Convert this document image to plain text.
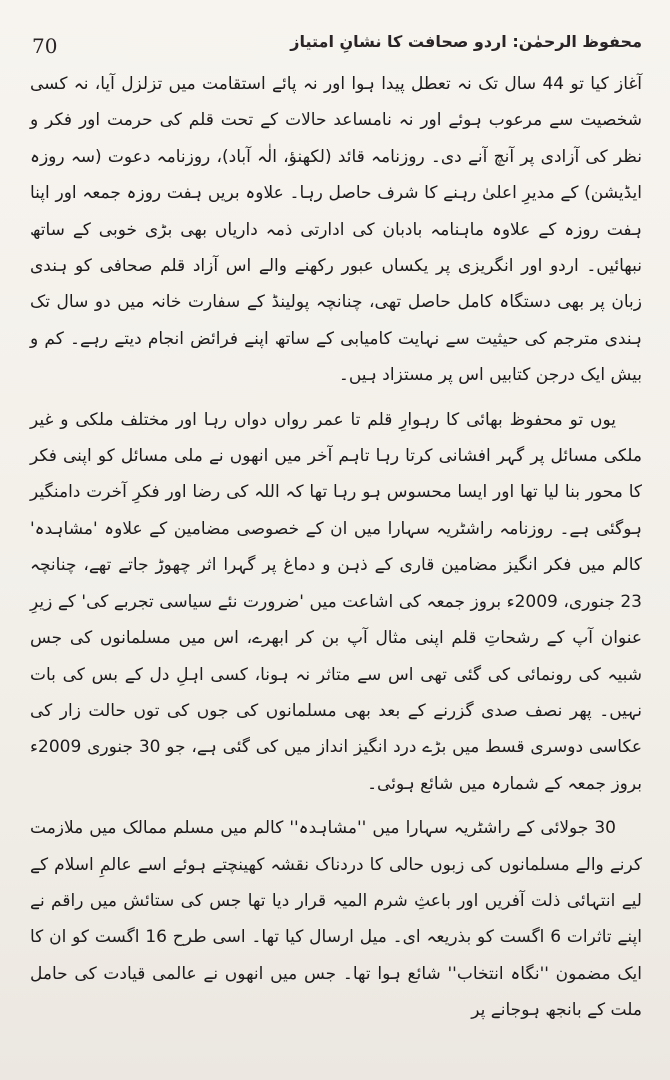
70	محفوظ الرحمٰن: اردو صحافت کا نشانِ امتیاز

آغاز کیا تو 44 سال تک نہ تعطل پیدا ہوا اور نہ پائے استقامت میں تزلزل آیا، نہ کسی شخصیت سے مرعوب ہوئے اور نہ نامساعد حالات کے تحت قلم کی حرمت اور فکر و نظر کی آزادی پر آنچ آنے دی۔ روزنامہ قائد (لکھنؤ، الٰہ آباد)، روزنامہ دعوت (سہ روزہ ایڈیشن) کے مدیرِ اعلیٰ رہنے کا شرف حاصل رہا۔ علاوہ بریں ہفت روزہ جمعہ اور اپنا ہفت روزہ کے علاوہ ماہنامہ بادبان کی ادارتی ذمہ داریاں بھی بڑی خوبی کے ساتھ نبھائیں۔ اردو اور انگریزی پر یکساں عبور رکھنے والے اس آزاد قلم صحافی کو ہندی زبان پر بھی دستگاہ کامل حاصل تھی، چنانچہ پولینڈ کے سفارت خانہ میں دو سال تک ہندی مترجم کی حیثیت سے نہایت کامیابی کے ساتھ اپنے فرائض انجام دیتے رہے۔ کم و بیش ایک درجن کتابیں اس پر مستزاد ہیں۔

یوں تو محفوظ بھائی کا رہوارِ قلم تا عمر رواں دواں رہا اور مختلف ملکی و غیر ملکی مسائل پر گہر افشانی کرتا رہا تاہم آخر میں انھوں نے ملی مسائل کو اپنی فکر کا محور بنا لیا تھا اور ایسا محسوس ہو رہا تھا کہ اللہ کی رضا اور فکرِ آخرت دامنگیر ہوگئی ہے۔ روزنامہ راشٹریہ سہارا میں ان کے خصوصی مضامین کے علاوہ 'مشاہدہ' کالم میں فکر انگیز مضامین قاری کے ذہن و دماغ پر گہرا اثر چھوڑ جاتے تھے، چنانچہ 23 جنوری، 2009ء بروز جمعہ کی اشاعت میں 'ضرورت نئے سیاسی تجربے کی' کے زیرِ عنوان آپ کے رشحاتِ قلم اپنی مثال آپ بن کر ابھرے، اس میں مسلمانوں کی جس شبیہ کی رونمائی کی گئی تھی اس سے متاثر نہ ہونا، کسی اہلِ دل کے بس کی بات نہیں۔ پھر نصف صدی گزرنے کے بعد بھی مسلمانوں کی جوں کی توں حالت زار کی عکاسی دوسری قسط میں بڑے درد انگیز انداز میں کی گئی ہے، جو 30 جنوری 2009ء بروز جمعہ کے شمارہ میں شائع ہوئی۔

30 جولائی کے راشٹریہ سہارا میں ''مشاہدہ'' کالم میں مسلم ممالک میں ملازمت کرنے والے مسلمانوں کی زبوں حالی کا دردناک نقشہ کھینچتے ہوئے اسے عالمِ اسلام کے لیے انتہائی ذلت آفریں اور باعثِ شرم المیہ قرار دیا تھا جس کی ستائش میں راقم نے اپنے تاثرات 6 اگست کو بذریعہ ای۔ میل ارسال کیا تھا۔ اسی طرح 16 اگست کو ان کا ایک مضمون ''نگاہ انتخاب'' شائع ہوا تھا۔ جس میں انھوں نے عالمی قیادت کی حامل ملت کے بانجھ ہوجانے پر
